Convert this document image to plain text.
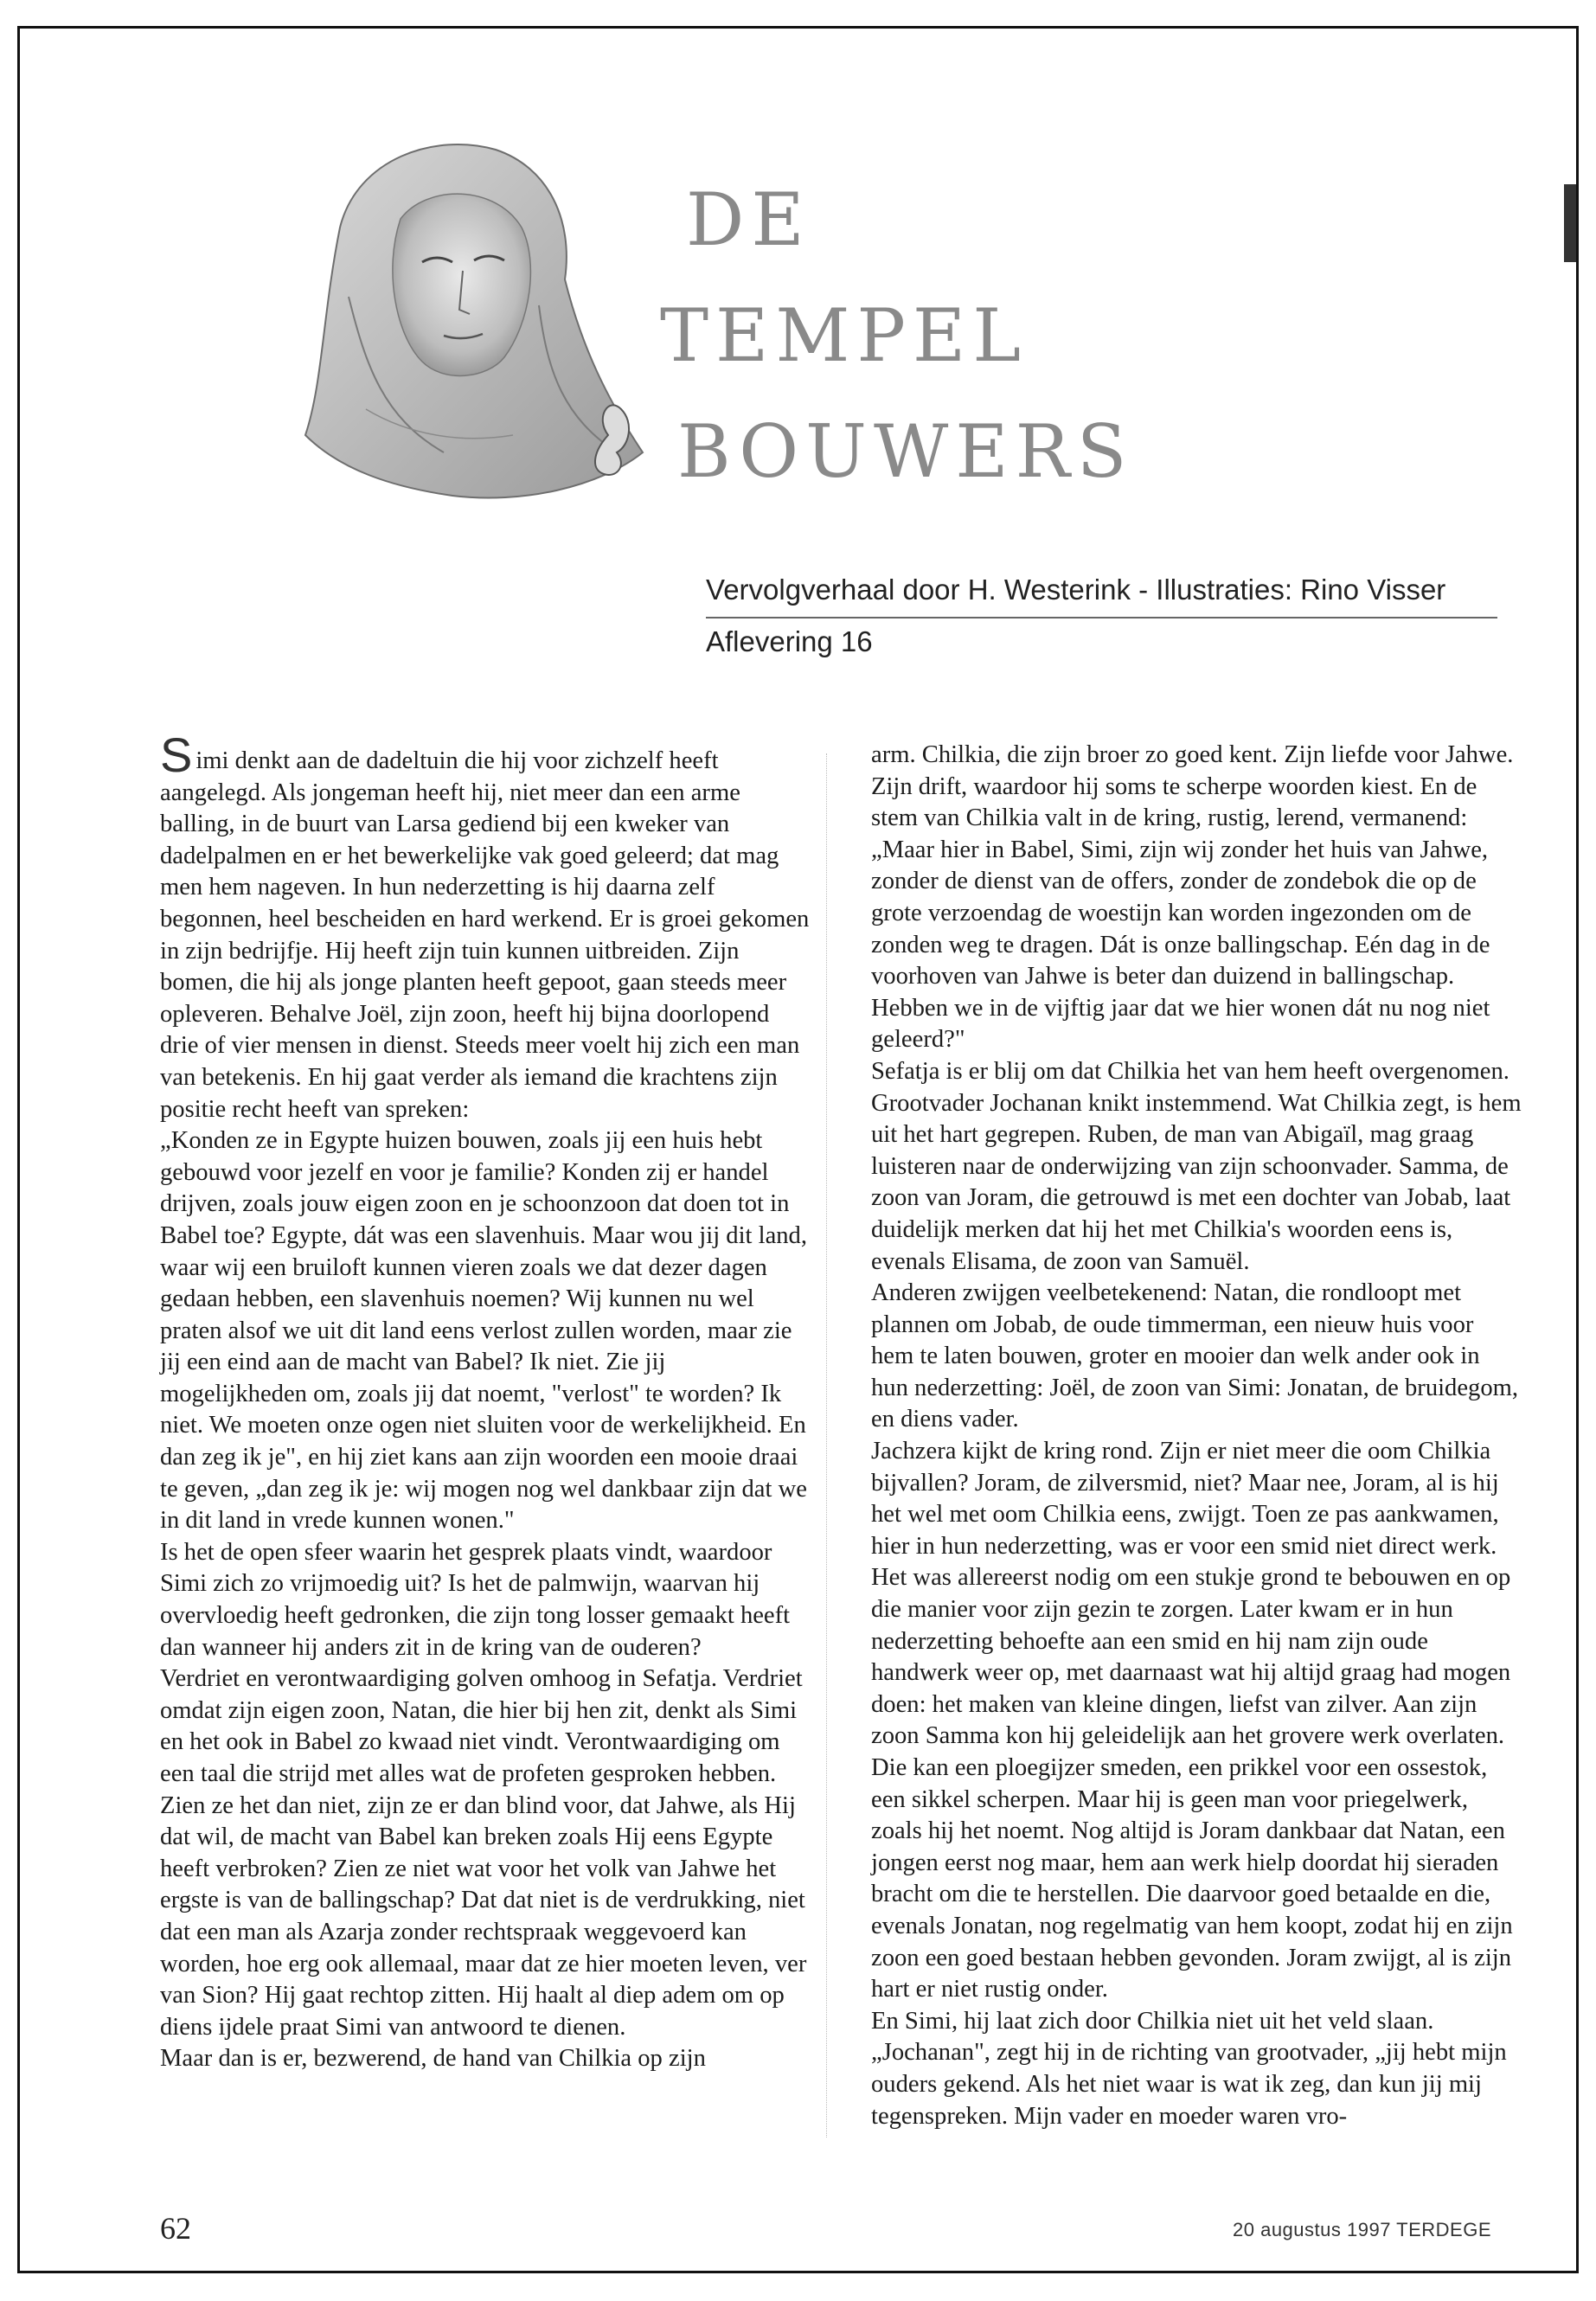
de
tempel
bouwers
Vervolgverhaal door H. Westerink - Illustraties: Rino Visser
Aflevering 16

Simi denkt aan de dadeltuin die hij voor zichzelf heeft aangelegd. Als jongeman heeft hij, niet meer dan een arme balling, in de buurt van Larsa gediend bij een kweker van dadelpalmen en er het bewerkelijke vak goed geleerd; dat mag men hem nageven. In hun nederzetting is hij daarna zelf begonnen, heel bescheiden en hard werkend. Er is groei gekomen in zijn bedrijfje. Hij heeft zijn tuin kunnen uitbreiden. Zijn bomen, die hij als jonge planten heeft gepoot, gaan steeds meer opleveren. Behalve Joël, zijn zoon, heeft hij bijna doorlopend drie of vier mensen in dienst. Steeds meer voelt hij zich een man van betekenis. En hij gaat verder als iemand die krachtens zijn positie recht heeft van spreken:

„Konden ze in Egypte huizen bouwen, zoals jij een huis hebt gebouwd voor jezelf en voor je familie? Konden zij er handel drijven, zoals jouw eigen zoon en je schoonzoon dat doen tot in Babel toe? Egypte, dát was een slavenhuis. Maar wou jij dit land, waar wij een bruiloft kunnen vieren zoals we dat dezer dagen gedaan hebben, een slavenhuis noemen? Wij kunnen nu wel praten alsof we uit dit land eens verlost zullen worden, maar zie jij een eind aan de macht van Babel? Ik niet. Zie jij mogelijkheden om, zoals jij dat noemt, "verlost" te worden? Ik niet. We moeten onze ogen niet sluiten voor de werkelijkheid. En dan zeg ik je", en hij ziet kans aan zijn woorden een mooie draai te geven, „dan zeg ik je: wij mogen nog wel dankbaar zijn dat we in dit land in vrede kunnen wonen."

Is het de open sfeer waarin het gesprek plaats vindt, waardoor Simi zich zo vrijmoedig uit? Is het de palmwijn, waarvan hij overvloedig heeft gedronken, die zijn tong losser gemaakt heeft dan wanneer hij anders zit in de kring van de ouderen?

Verdriet en verontwaardiging golven omhoog in Sefatja. Verdriet omdat zijn eigen zoon, Natan, die hier bij hen zit, denkt als Simi en het ook in Babel zo kwaad niet vindt. Verontwaardiging om een taal die strijd met alles wat de profeten gesproken hebben. Zien ze het dan niet, zijn ze er dan blind voor, dat Jahwe, als Hij dat wil, de macht van Babel kan breken zoals Hij eens Egypte heeft verbroken? Zien ze niet wat voor het volk van Jahwe het ergste is van de ballingschap? Dat dat niet is de verdrukking, niet dat een man als Azarja zonder rechtspraak weggevoerd kan worden, hoe erg ook allemaal, maar dat ze hier moeten leven, ver van Sion? Hij gaat rechtop zitten. Hij haalt al diep adem om op diens ijdele praat Simi van antwoord te dienen.

Maar dan is er, bezwerend, de hand van Chilkia op zijn

arm. Chilkia, die zijn broer zo goed kent. Zijn liefde voor Jahwe. Zijn drift, waardoor hij soms te scherpe woorden kiest. En de stem van Chilkia valt in de kring, rustig, lerend, vermanend:

„Maar hier in Babel, Simi, zijn wij zonder het huis van Jahwe, zonder de dienst van de offers, zonder de zondebok die op de grote verzoendag de woestijn kan worden ingezonden om de zonden weg te dragen. Dát is onze ballingschap. Eén dag in de voorhoven van Jahwe is beter dan duizend in ballingschap. Hebben we in de vijftig jaar dat we hier wonen dát nu nog niet geleerd?"

Sefatja is er blij om dat Chilkia het van hem heeft overgenomen. Grootvader Jochanan knikt instemmend. Wat Chilkia zegt, is hem uit het hart gegrepen. Ruben, de man van Abigaïl, mag graag luisteren naar de onderwijzing van zijn schoonvader. Samma, de zoon van Joram, die getrouwd is met een dochter van Jobab, laat duidelijk merken dat hij het met Chilkia's woorden eens is, evenals Elisama, de zoon van Samuël.

Anderen zwijgen veelbetekenend: Natan, die rondloopt met plannen om Jobab, de oude timmerman, een nieuw huis voor hem te laten bouwen, groter en mooier dan welk ander ook in hun nederzetting: Joël, de zoon van Simi: Jonatan, de bruidegom, en diens vader.

Jachzera kijkt de kring rond. Zijn er niet meer die oom Chilkia bijvallen? Joram, de zilversmid, niet? Maar nee, Joram, al is hij het wel met oom Chilkia eens, zwijgt. Toen ze pas aankwamen, hier in hun nederzetting, was er voor een smid niet direct werk. Het was allereerst nodig om een stukje grond te bebouwen en op die manier voor zijn gezin te zorgen. Later kwam er in hun nederzetting behoefte aan een smid en hij nam zijn oude handwerk weer op, met daarnaast wat hij altijd graag had mogen doen: het maken van kleine dingen, liefst van zilver. Aan zijn zoon Samma kon hij geleidelijk aan het grovere werk overlaten. Die kan een ploegijzer smeden, een prikkel voor een ossestok, een sikkel scherpen. Maar hij is geen man voor priegelwerk, zoals hij het noemt. Nog altijd is Joram dankbaar dat Natan, een jongen eerst nog maar, hem aan werk hielp doordat hij sieraden bracht om die te herstellen. Die daarvoor goed betaalde en die, evenals Jonatan, nog regelmatig van hem koopt, zodat hij en zijn zoon een goed bestaan hebben gevonden. Joram zwijgt, al is zijn hart er niet rustig onder.

En Simi, hij laat zich door Chilkia niet uit het veld slaan. „Jochanan", zegt hij in de richting van grootvader, „jij hebt mijn ouders gekend. Als het niet waar is wat ik zeg, dan kun jij mij tegenspreken. Mijn vader en moeder waren vro-

62	20 augustus 1997 TERDEGE
